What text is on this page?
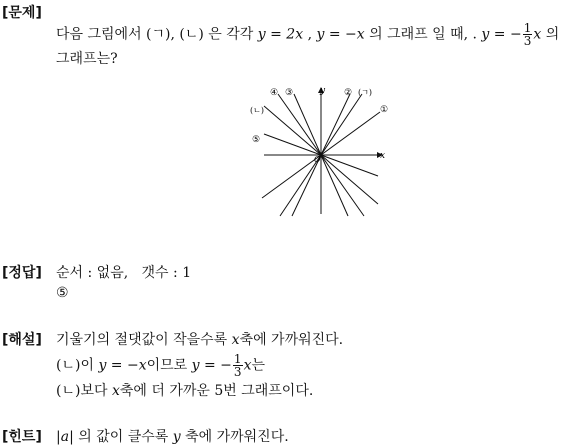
[문제]
다음 그림에서 (ㄱ), (ㄴ) 은 각각 y = 2x , y = −x 의 그래프 일 때, . y = − $\frac{1}{3}$ x 의
그래프는?
y
x
O
④ ③	② (ㄱ)
①
(ㄴ)
⑤
[정답] 순서 : 없음, 갯수 : 1
⑤
[해설] 기울기의 절댓값이 작을수록 x축에 가까워진다.
(ㄴ)이 y = −x이므로 y = − $\frac{1}{3}$ x는
(ㄴ)보다 x축에 더 가까운 5번 그래프이다.
[힌트] |a| 의 값이 클수록 y 축에 가까워진다.
